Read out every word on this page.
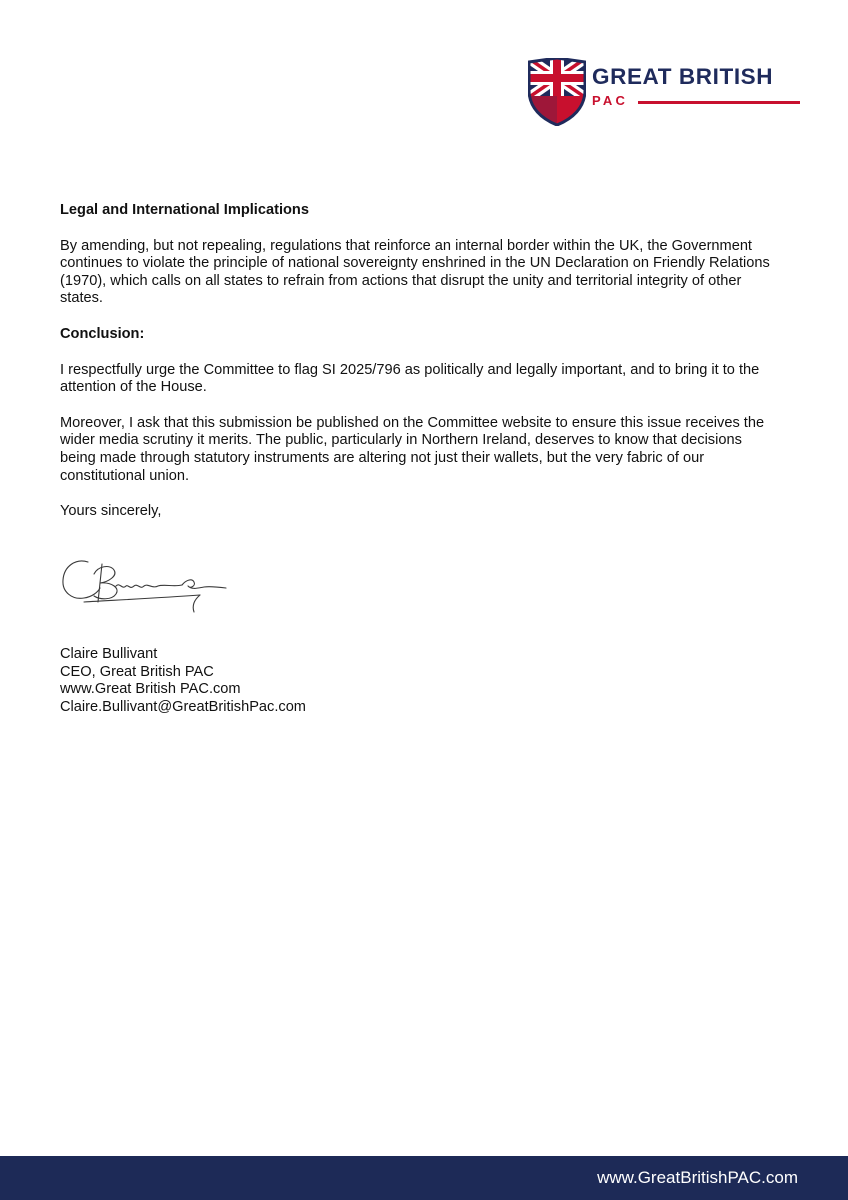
GREAT BRITISH
PAC

Legal and International Implications

By amending, but not repealing, regulations that reinforce an internal border within the UK, the Government
continues to violate the principle of national sovereignty enshrined in the UN Declaration on Friendly Relations
(1970), which calls on all states to refrain from actions that disrupt the unity and territorial integrity of other
states.

Conclusion:

I respectfully urge the Committee to flag SI 2025/796 as politically and legally important, and to bring it to the
attention of the House.

Moreover, I ask that this submission be published on the Committee website to ensure this issue receives the
wider media scrutiny it merits. The public, particularly in Northern Ireland, deserves to know that decisions
being made through statutory instruments are altering not just their wallets, but the very fabric of our
constitutional union.

Yours sincerely,

Claire Bullivant
CEO, Great British PAC
www.Great British PAC.com
Claire.Bullivant@GreatBritishPac.com
www.GreatBritishPAC.com
